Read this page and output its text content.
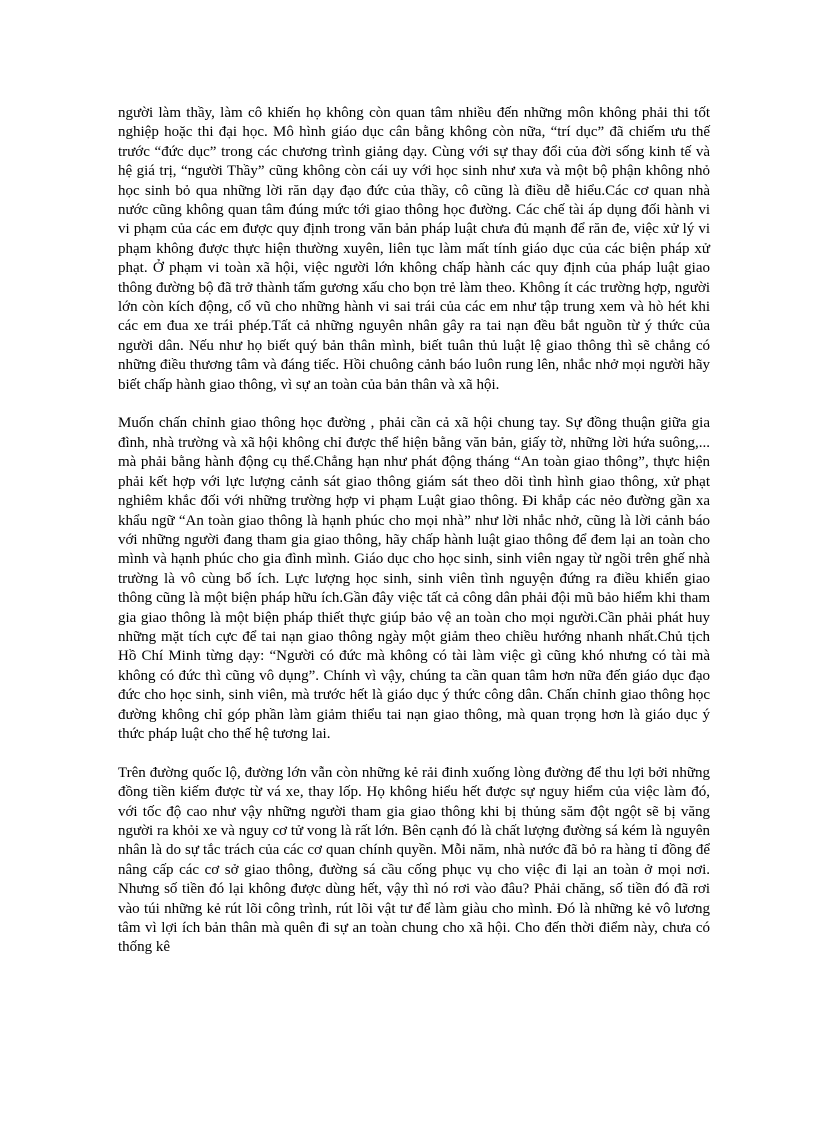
người làm thầy, làm cô khiến họ không còn quan tâm nhiều đến những môn không phải thi tốt nghiệp hoặc thi đại học. Mô hình giáo dục cân bằng không còn nữa, “trí dục” đã chiếm ưu thế trước “đức dục” trong các chương trình giảng dạy. Cùng với sự thay đổi của đời sống kinh tế và hệ giá trị, “người Thầy” cũng không còn cái uy với học sinh như xưa và một bộ phận không nhỏ học sinh bỏ qua những lời răn dạy đạo đức của thầy, cô cũng là điều dễ hiểu.Các cơ quan nhà nước cũng không quan tâm đúng mức tới giao thông học đường. Các chế tài áp dụng đối hành vi vi phạm của các em được quy định trong văn bản pháp luật chưa đủ mạnh để răn đe, việc xử lý vi phạm không được thực hiện thường xuyên, liên tục làm mất tính giáo dục của các biện pháp xử phạt. Ở phạm vi toàn xã hội, việc người lớn không chấp hành các quy định của pháp luật giao thông đường bộ đã trở thành tấm gương xấu cho bọn trẻ làm theo. Không ít các trường hợp, người lớn còn kích động, cổ vũ cho những hành vi sai trái của các em như tập trung xem và hò hét khi các em đua xe trái phép.Tất cả những nguyên nhân gây ra tai nạn đều bắt nguồn từ ý thức của người dân. Nếu như họ biết quý bản thân mình, biết tuân thủ luật lệ giao thông thì sẽ chẳng có những điều thương tâm và đáng tiếc. Hồi chuông cảnh báo luôn rung lên, nhắc nhở mọi người hãy biết chấp hành giao thông, vì sự an toàn của bản thân và xã hội.

Muốn chấn chỉnh giao thông học đường , phải cần cả xã hội chung tay. Sự đồng thuận giữa gia đình, nhà trường và xã hội không chỉ được thể hiện bằng văn bản, giấy tờ, những lời hứa suông,... mà phải bằng hành động cụ thể.Chẳng hạn như phát động tháng “An toàn giao thông”, thực hiện phải kết hợp với lực lượng cảnh sát giao thông giám sát theo dõi tình hình giao thông, xử phạt nghiêm khắc đối với những trường hợp vi phạm Luật giao thông. Đi khắp các nẻo đường gần xa khẩu ngữ “An toàn giao thông là hạnh phúc cho mọi nhà” như lời nhắc nhở, cũng là lời cảnh báo với những người đang tham gia giao thông, hãy chấp hành luật giao thông để đem lại an toàn cho mình và hạnh phúc cho gia đình mình. Giáo dục cho học sinh, sinh viên ngay từ ngồi trên ghế nhà trường là vô cùng bổ ích. Lực lượng học sinh, sinh viên tình nguyện đứng ra điều khiển giao thông cũng là một biện pháp hữu ích.Gần đây việc tất cả công dân phải đội mũ bảo hiểm khi tham gia giao thông là một biện pháp thiết thực giúp bảo vệ an toàn cho mọi người.Cần phải phát huy những mặt tích cực để tai nạn giao thông ngày một giảm theo chiều hướng nhanh nhất.Chủ tịch Hồ Chí Minh từng dạy: “Người có đức mà không có tài làm việc gì cũng khó nhưng có tài mà không có đức thì cũng vô dụng”. Chính vì vậy, chúng ta cần quan tâm hơn nữa đến giáo dục đạo đức cho học sinh, sinh viên, mà trước hết là giáo dục ý thức công dân. Chấn chỉnh giao thông học đường không chỉ góp phần làm giảm thiểu tai nạn giao thông, mà quan trọng hơn là giáo dục ý thức pháp luật cho thế hệ tương lai.

Trên đường quốc lộ, đường lớn vẫn còn những kẻ rải đinh xuống lòng đường để thu lợi bởi những đồng tiền kiếm được từ vá xe, thay lốp. Họ không hiểu hết được sự nguy hiểm của việc làm đó, với tốc độ cao như vậy những người tham gia giao thông khi bị thủng săm đột ngột sẽ bị văng người ra khỏi xe và nguy cơ tử vong là rất lớn. Bên cạnh đó là chất lượng đường sá kém là nguyên nhân là do sự tắc trách của các cơ quan chính quyền. Mỗi năm, nhà nước đã bỏ ra hàng tỉ đồng để nâng cấp các cơ sở giao thông, đường sá cầu cống phục vụ cho việc đi lại an toàn ở mọi nơi. Nhưng số tiền đó lại không được dùng hết, vậy thì nó rơi vào đâu? Phải chăng, số tiền đó đã rơi vào túi những kẻ rút lõi công trình, rút lõi vật tư để làm giàu cho mình. Đó là những kẻ vô lương tâm vì lợi ích bản thân mà quên đi sự an toàn chung cho xã hội. Cho đến thời điểm này, chưa có thống kê
